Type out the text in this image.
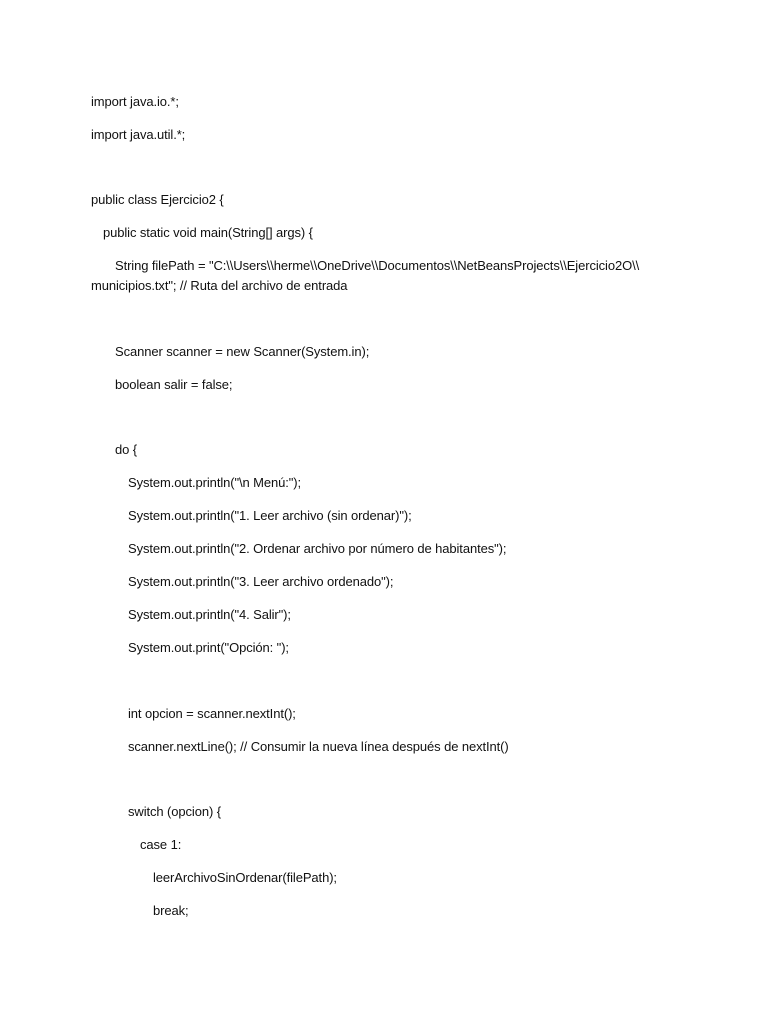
import java.io.*;
import java.util.*;
public class Ejercicio2 {
public static void main(String[] args) {
String filePath = "C:\\Users\\herme\\OneDrive\\Documentos\\NetBeansProjects\\Ejercicio2O\\
municipios.txt"; // Ruta del archivo de entrada
Scanner scanner = new Scanner(System.in);
boolean salir = false;
do {
System.out.println("\n Menú:");
System.out.println("1. Leer archivo (sin ordenar)");
System.out.println("2. Ordenar archivo por número de habitantes");
System.out.println("3. Leer archivo ordenado");
System.out.println("4. Salir");
System.out.print("Opción: ");
int opcion = scanner.nextInt();
scanner.nextLine(); // Consumir la nueva línea después de nextInt()
switch (opcion) {
case 1:
leerArchivoSinOrdenar(filePath);
break;
